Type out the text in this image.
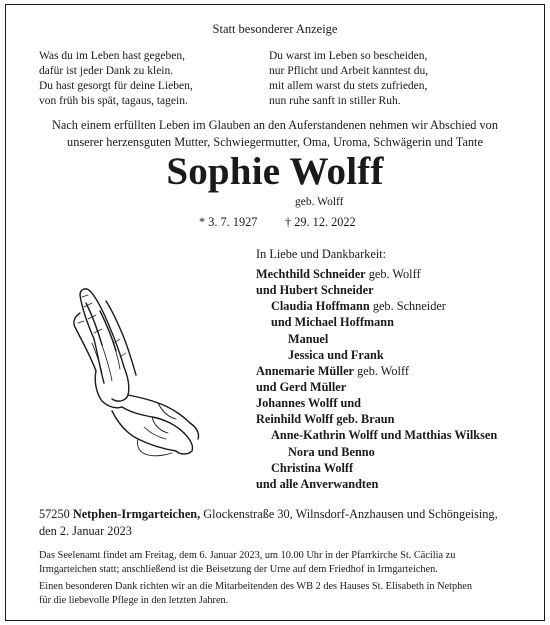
Statt besonderer Anzeige
Was du im Leben hast gegeben,
dafür ist jeder Dank zu klein.
Du hast gesorgt für deine Lieben,
von früh bis spät, tagaus, tagein.
Du warst im Leben so bescheiden,
nur Pflicht und Arbeit kanntest du,
mit allem warst du stets zufrieden,
nun ruhe sanft in stiller Ruh.
Nach einem erfüllten Leben im Glauben an den Auferstandenen nehmen wir Abschied von
unserer herzensguten Mutter, Schwiegermutter, Oma, Uroma, Schwägerin und Tante
Sophie Wolff
geb. Wolff
* 3. 7. 1927 † 29. 12. 2022
In Liebe und Dankbarkeit:
Mechthild Schneider geb. Wolff
und Hubert Schneider
Claudia Hoffmann geb. Schneider
und Michael Hoffmann
Manuel
Jessica und Frank
Annemarie Müller geb. Wolff
und Gerd Müller
Johannes Wolff und
Reinhild Wolff geb. Braun
Anne-Kathrin Wolff und Matthias Wilksen
Nora und Benno
Christina Wolff
und alle Anverwandten
57250 Netphen-Irmgarteichen, Glockenstraße 30, Wilnsdorf-Anzhausen und Schöngeising,
den 2. Januar 2023
Das Seelenamt findet am Freitag, dem 6. Januar 2023, um 10.00 Uhr in der Pfarrkirche St. Cäcilia zu
Irmgarteichen statt; anschließend ist die Beisetzung der Urne auf dem Friedhof in Irmgarteichen.
Einen besonderen Dank richten wir an die Mitarbeitenden des WB 2 des Hauses St. Elisabeth in Netphen
für die liebevolle Pflege in den letzten Jahren.
